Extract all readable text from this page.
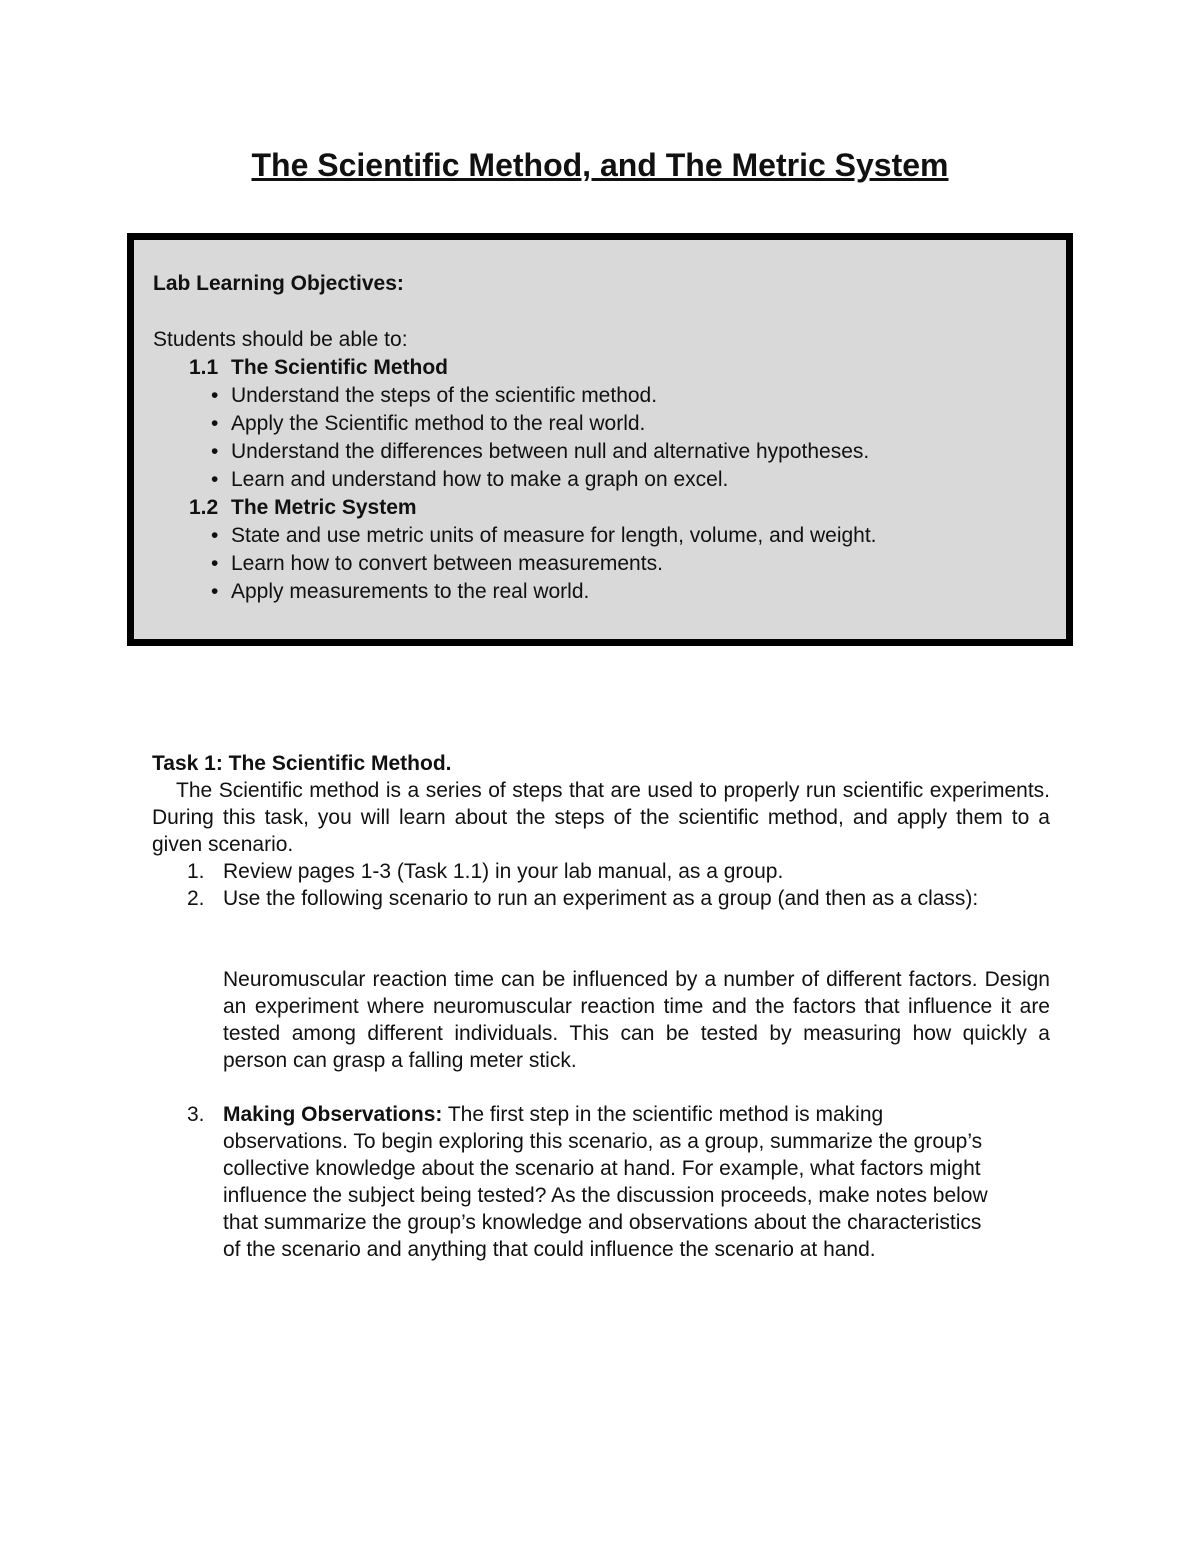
The Scientific Method, and The Metric System
Lab Learning Objectives:
Students should be able to:
1.1 The Scientific Method
• Understand the steps of the scientific method.
• Apply the Scientific method to the real world.
• Understand the differences between null and alternative hypotheses.
• Learn and understand how to make a graph on excel.
1.2 The Metric System
• State and use metric units of measure for length, volume, and weight.
• Learn how to convert between measurements.
• Apply measurements to the real world.
Task 1: The Scientific Method.

The Scientific method is a series of steps that are used to properly run scientific experiments. During this task, you will learn about the steps of the scientific method, and apply them to a given scenario.

1. Review pages 1-3 (Task 1.1) in your lab manual, as a group.
2. Use the following scenario to run an experiment as a group (and then as a class):
Neuromuscular reaction time can be influenced by a number of different factors. Design an experiment where neuromuscular reaction time and the factors that influence it are tested among different individuals. This can be tested by measuring how quickly a person can grasp a falling meter stick.
3. Making Observations: The first step in the scientific method is making observations. To begin exploring this scenario, as a group, summarize the group’s collective knowledge about the scenario at hand. For example, what factors might influence the subject being tested? As the discussion proceeds, make notes below that summarize the group’s knowledge and observations about the characteristics of the scenario and anything that could influence the scenario at hand.
